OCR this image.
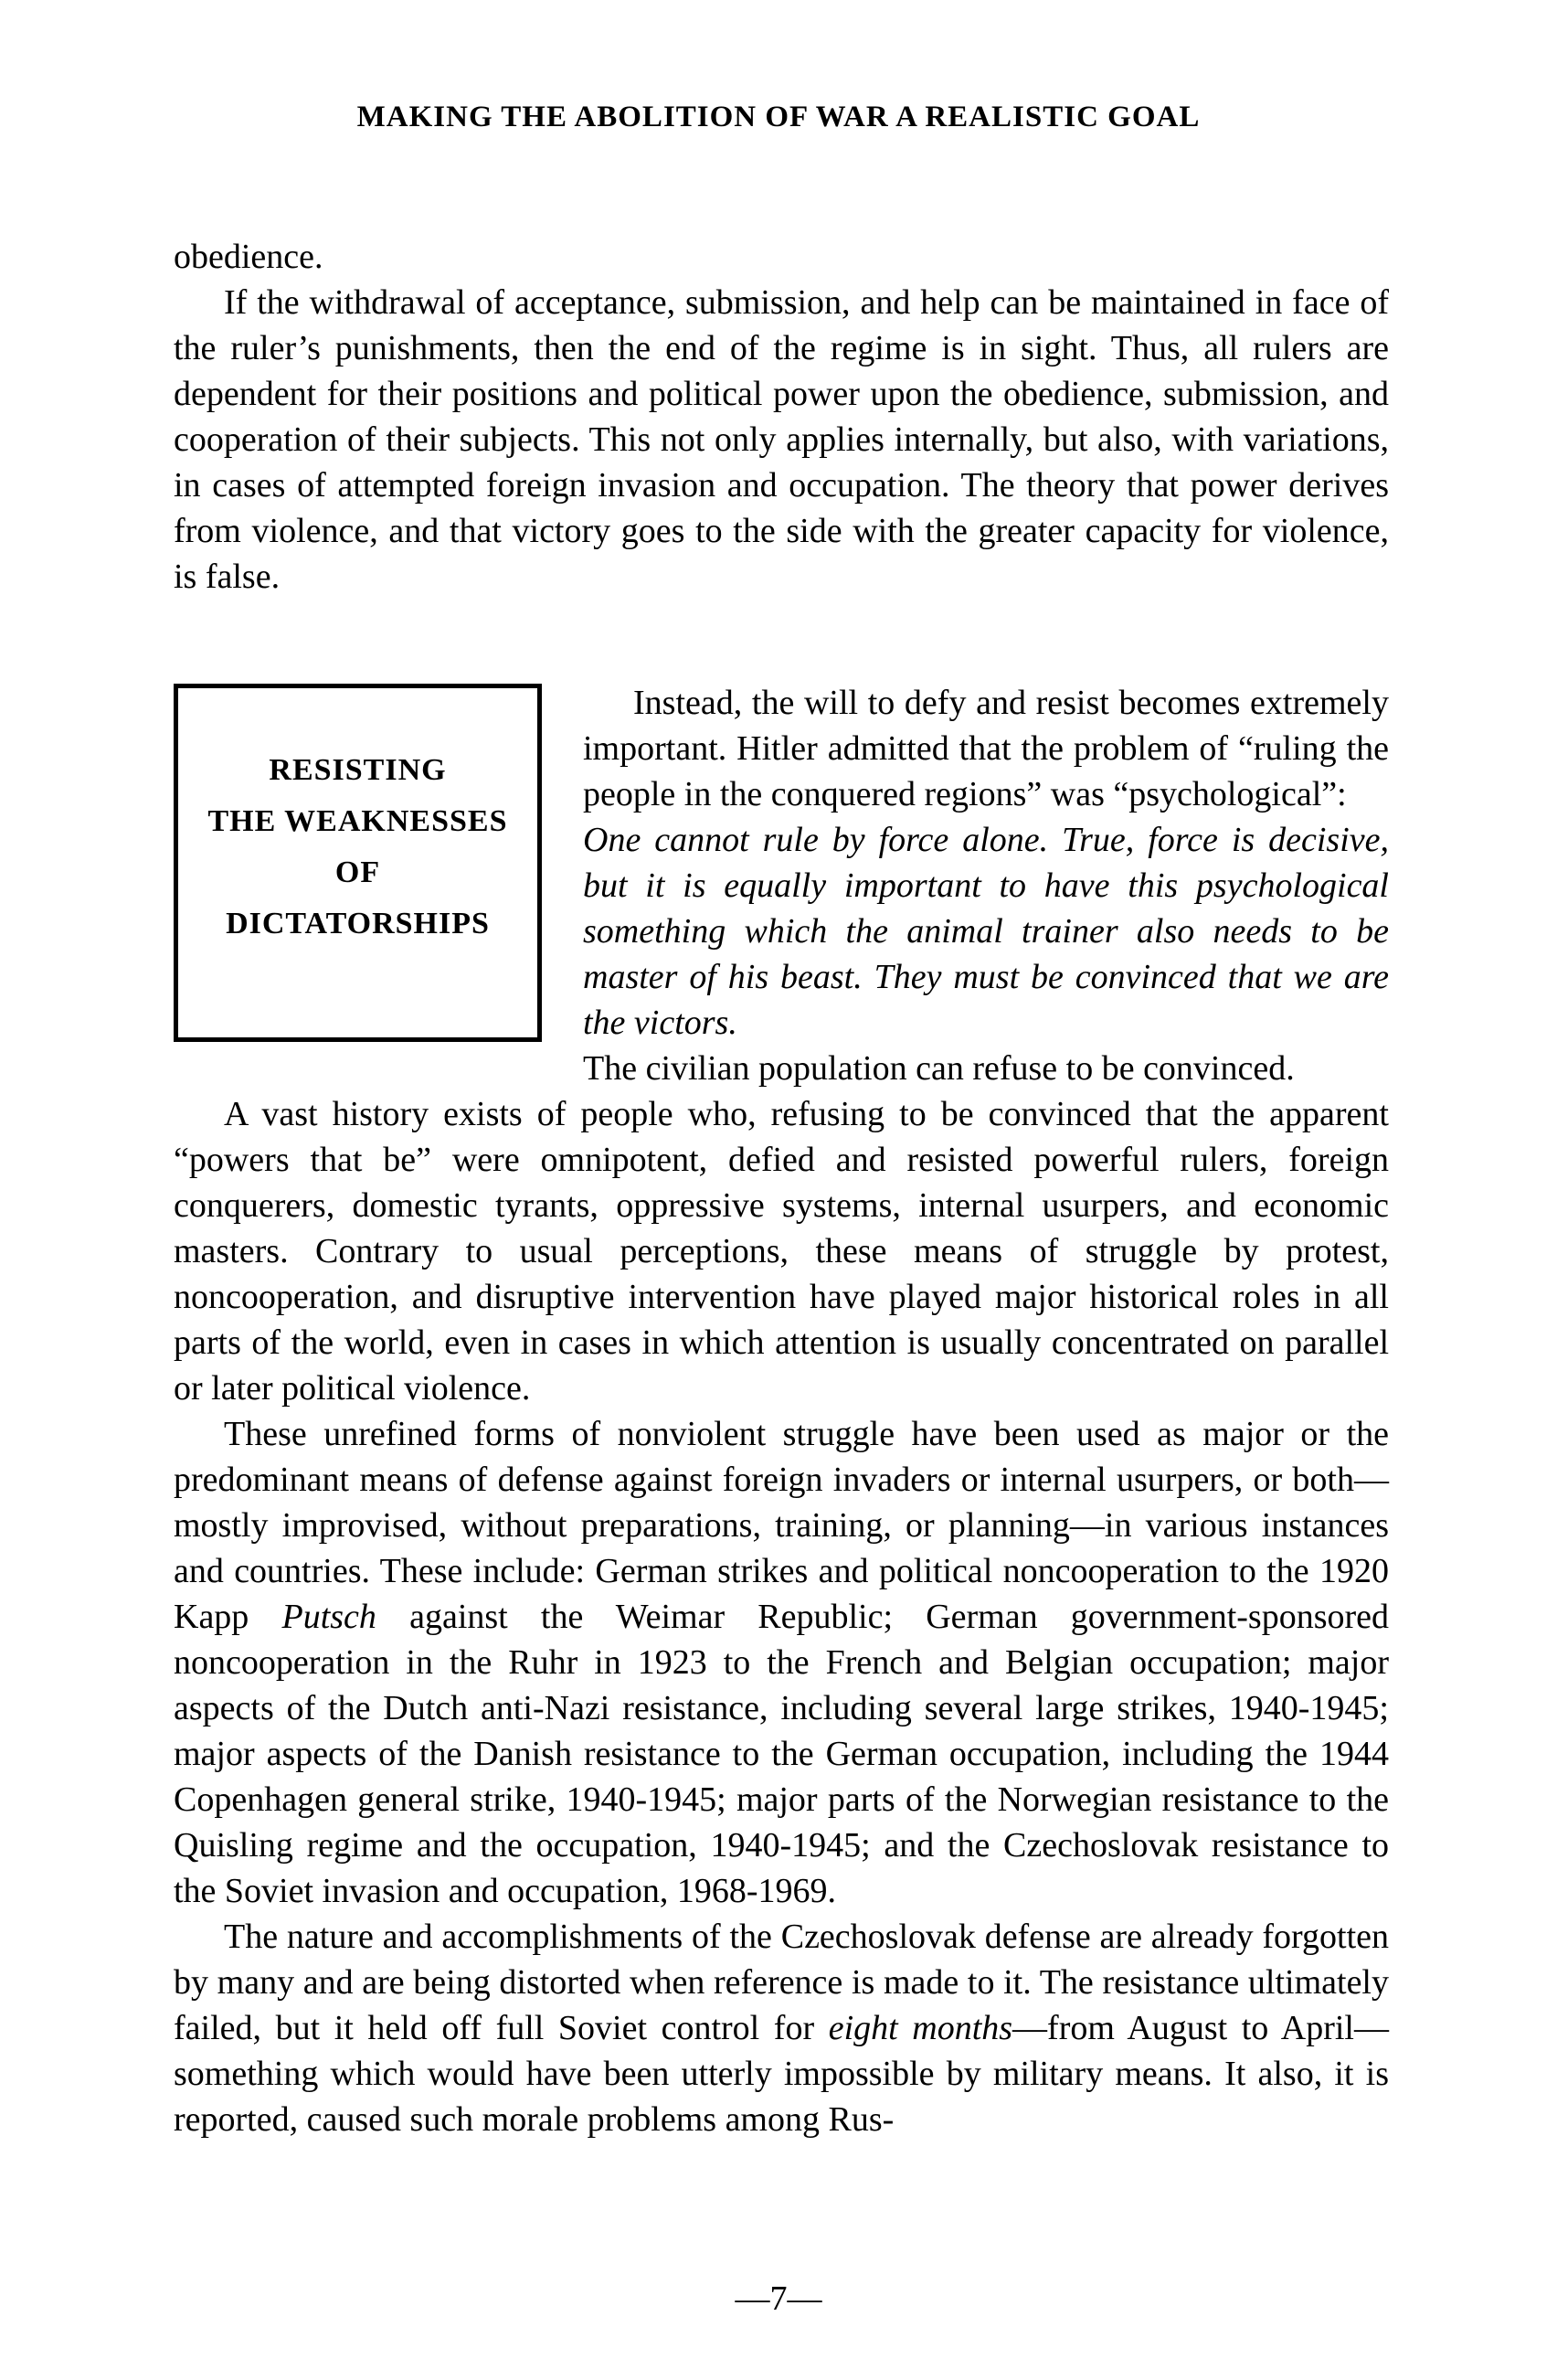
MAKING THE ABOLITION OF WAR A REALISTIC GOAL

obedience.

If the withdrawal of acceptance, submission, and help can be maintained in face of the ruler’s punishments, then the end of the regime is in sight. Thus, all rulers are dependent for their positions and political power upon the obedience, submission, and cooperation of their subjects. This not only applies internally, but also, with variations, in cases of attempted foreign invasion and occupation. The theory that power derives from violence, and that victory goes to the side with the greater capacity for violence, is false.

RESISTING
THE WEAKNESSES
OF
DICTATORSHIPS

Instead, the will to defy and resist becomes extremely important. Hitler admitted that the problem of “ruling the people in the conquered regions” was “psychological”:

One cannot rule by force alone. True, force is decisive, but it is equally important to have this psychological something which the animal trainer also needs to be master of his beast. They must be convinced that we are the victors.

The civilian population can refuse to be convinced.

A vast history exists of people who, refusing to be convinced that the apparent “powers that be” were omnipotent, defied and resisted powerful rulers, foreign conquerers, domestic tyrants, oppressive systems, internal usurpers, and economic masters. Contrary to usual perceptions, these means of struggle by protest, noncooperation, and disruptive intervention have played major historical roles in all parts of the world, even in cases in which attention is usually concentrated on parallel or later political violence.

These unrefined forms of nonviolent struggle have been used as major or the predominant means of defense against foreign invaders or internal usurpers, or both—mostly improvised, without preparations, training, or planning—in various instances and countries. These include: German strikes and political noncooperation to the 1920 Kapp Putsch against the Weimar Republic; German government-sponsored noncooperation in the Ruhr in 1923 to the French and Belgian occupation; major aspects of the Dutch anti-Nazi resistance, including several large strikes, 1940-1945; major aspects of the Danish resistance to the German occupation, including the 1944 Copenhagen general strike, 1940-1945; major parts of the Norwegian resistance to the Quisling regime and the occupation, 1940-1945; and the Czechoslovak resistance to the Soviet invasion and occupation, 1968-1969.

The nature and accomplishments of the Czechoslovak defense are already forgotten by many and are being distorted when reference is made to it. The resistance ultimately failed, but it held off full Soviet control for eight months—from August to April—something which would have been utterly impossible by military means. It also, it is reported, caused such morale problems among Rus-

—7—
